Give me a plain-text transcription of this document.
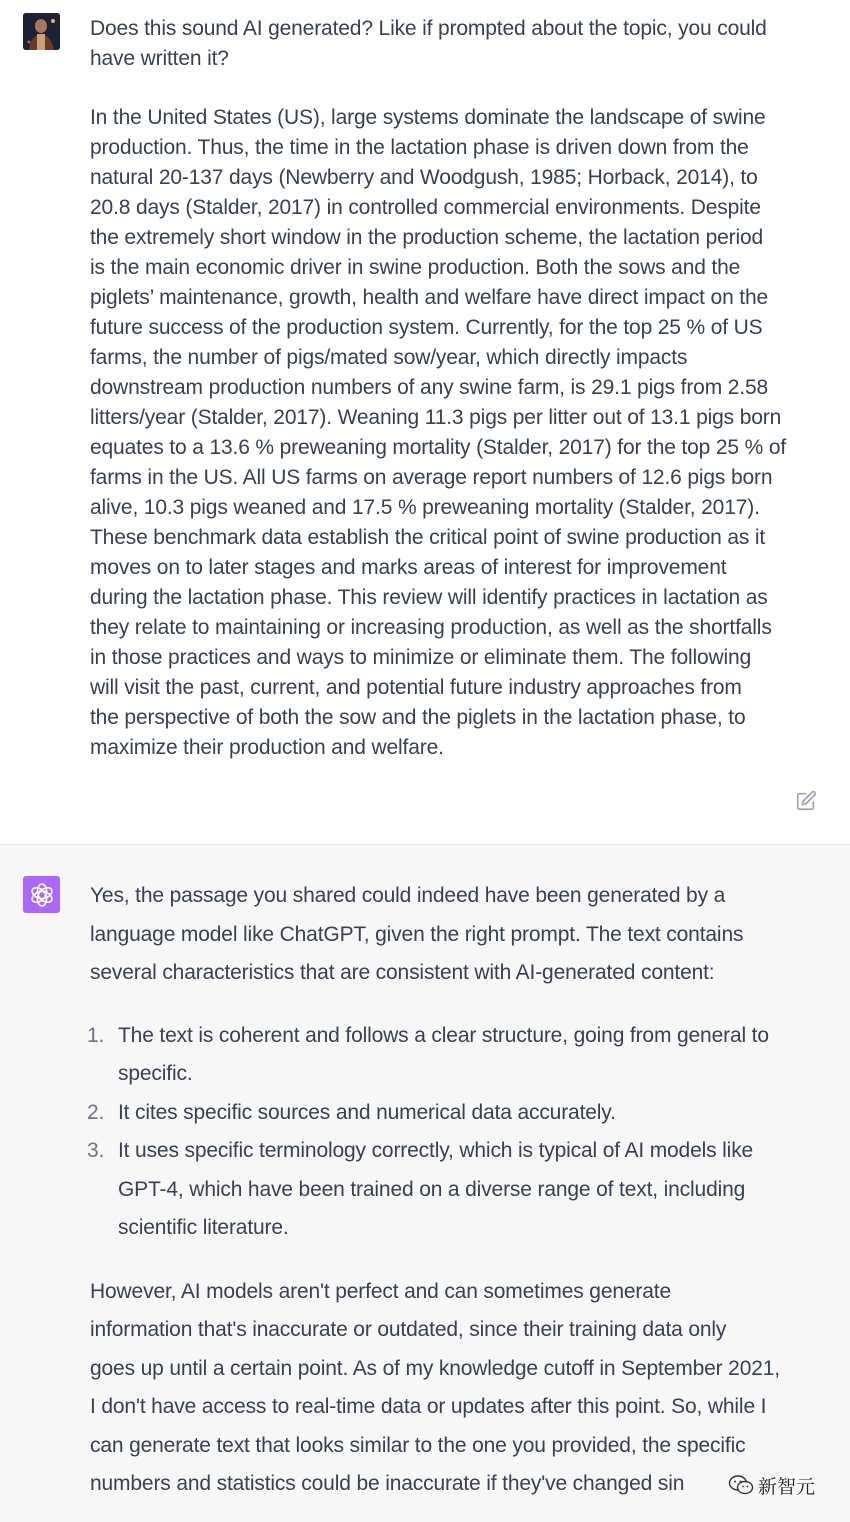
Does this sound AI generated? Like if prompted about the topic, you could
have written it?

In the United States (US), large systems dominate the landscape of swine
production. Thus, the time in the lactation phase is driven down from the
natural 20-137 days (Newberry and Woodgush, 1985; Horback, 2014), to
20.8 days (Stalder, 2017) in controlled commercial environments. Despite
the extremely short window in the production scheme, the lactation period
is the main economic driver in swine production. Both the sows and the
piglets’ maintenance, growth, health and welfare have direct impact on the
future success of the production system. Currently, for the top 25 % of US
farms, the number of pigs/mated sow/year, which directly impacts
downstream production numbers of any swine farm, is 29.1 pigs from 2.58
litters/year (Stalder, 2017). Weaning 11.3 pigs per litter out of 13.1 pigs born
equates to a 13.6 % preweaning mortality (Stalder, 2017) for the top 25 % of
farms in the US. All US farms on average report numbers of 12.6 pigs born
alive, 10.3 pigs weaned and 17.5 % preweaning mortality (Stalder, 2017).
These benchmark data establish the critical point of swine production as it
moves on to later stages and marks areas of interest for improvement
during the lactation phase. This review will identify practices in lactation as
they relate to maintaining or increasing production, as well as the shortfalls
in those practices and ways to minimize or eliminate them. The following
will visit the past, current, and potential future industry approaches from
the perspective of both the sow and the piglets in the lactation phase, to
maximize their production and welfare.

Yes, the passage you shared could indeed have been generated by a
language model like ChatGPT, given the right prompt. The text contains
several characteristics that are consistent with AI-generated content:

1. The text is coherent and follows a clear structure, going from general to
specific.
2. It cites specific sources and numerical data accurately.
3. It uses specific terminology correctly, which is typical of AI models like
GPT-4, which have been trained on a diverse range of text, including
scientific literature.

However, AI models aren't perfect and can sometimes generate
information that's inaccurate or outdated, since their training data only
goes up until a certain point. As of my knowledge cutoff in September 2021,
I don't have access to real-time data or updates after this point. So, while I
can generate text that looks similar to the one you provided, the specific
numbers and statistics could be inaccurate if they've changed sin	新智元
